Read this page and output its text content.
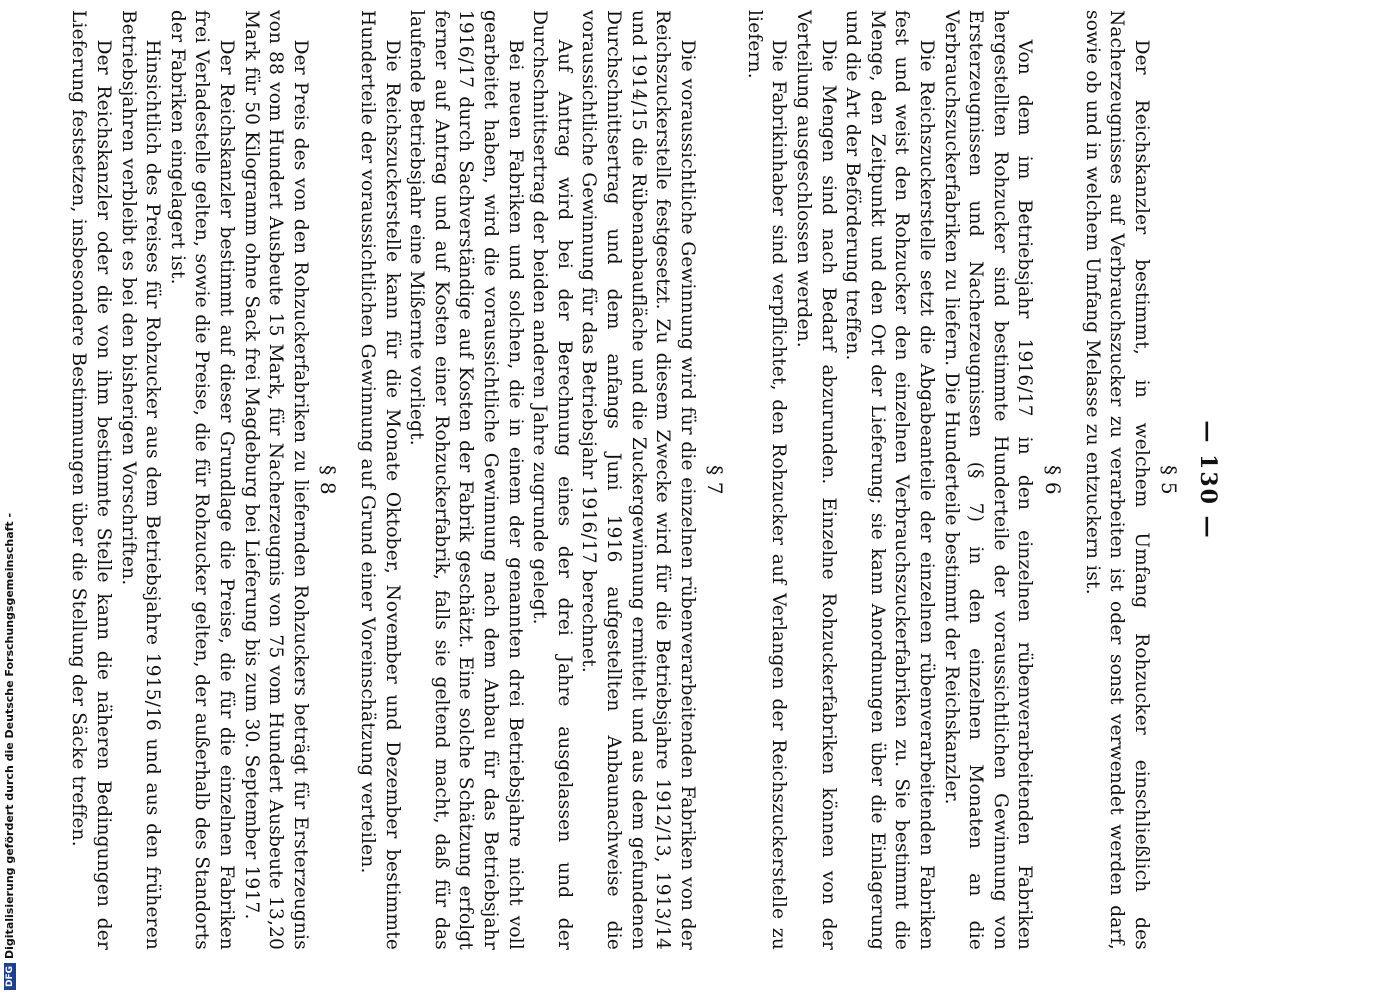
— 130 —
§ 5

Der Reichskanzler bestimmt, in welchem Umfang Rohzucker einschließlich des Nacherzeugnisses auf Verbrauchszucker zu verarbeiten ist oder sonst verwendet werden darf, sowie ob und in welchem Umfang Melasse zu entzuckern ist.

§ 6

Von dem im Betriebsjahr 1916/17 in den einzelnen rübenverarbeitenden Fabriken hergestellten Rohzucker sind bestimmte Hunderteile der voraussichtlichen Gewinnung von Ersterzeugnissen und Nacherzeugnissen (§ 7) in den einzelnen Monaten an die Verbrauchszuckerfabriken zu liefern. Die Hunderteile bestimmt der Reichskanzler.

Die Reichszuckerstelle setzt die Abgabeanteile der einzelnen rübenverarbeitenden Fabriken fest und weist den Rohzucker den einzelnen Verbrauchszuckerfabriken zu. Sie bestimmt die Menge, den Zeitpunkt und den Ort der Lieferung; sie kann Anordnungen über die Einlagerung und die Art der Beförderung treffen.

Die Mengen sind nach Bedarf abzurunden. Einzelne Rohzuckerfabriken können von der Verteilung ausgeschlossen werden.

Die Fabrikinhaber sind verpflichtet, den Rohzucker auf Verlangen der Reichszuckerstelle zu liefern.

§ 7

Die voraussichtliche Gewinnung wird für die einzelnen rübenverarbeitenden Fabriken von der Reichszuckerstelle festgesetzt. Zu diesem Zwecke wird für die Betriebsjahre 1912/13, 1913/14 und 1914/15 die Rübenanbaufläche und die Zuckergewinnung ermittelt und aus dem gefundenen Durchschnittsertrag und dem anfangs Juni 1916 aufgestellten Anbaunachweise die voraussichtliche Gewinnung für das Betriebsjahr 1916/17 berechnet.

Auf Antrag wird bei der Berechnung eines der drei Jahre ausgelassen und der Durchschnittsertrag der beiden anderen Jahre zugrunde gelegt.

Bei neuen Fabriken und solchen, die in einem der genannten drei Betriebsjahre nicht voll gearbeitet haben, wird die voraussichtliche Gewinnung nach dem Anbau für das Betriebsjahr 1916/17 durch Sachverständige auf Kosten der Fabrik geschätzt. Eine solche Schätzung erfolgt ferner auf Antrag und auf Kosten einer Rohzuckerfabrik, falls sie geltend macht, daß für das laufende Betriebsjahr eine Mißernte vorliegt.

Die Reichszuckerstelle kann für die Monate Oktober, November und Dezember bestimmte Hunderteile der voraussichtlichen Gewinnung auf Grund einer Voreinschätzung verteilen.

§ 8

Der Preis des von den Rohzuckerfabriken zu liefernden Rohzuckers beträgt für Ersterzeugnis von 88 vom Hundert Ausbeute 15 Mark, für Nacherzeugnis von 75 vom Hundert Ausbeute 13,20 Mark für 50 Kilogramm ohne Sack frei Magdeburg bei Lieferung bis zum 30. September 1917.

Der Reichskanzler bestimmt auf dieser Grundlage die Preise, die für die einzelnen Fabriken frei Verladestelle gelten, sowie die Preise, die für Rohzucker gelten, der außerhalb des Standorts der Fabriken eingelagert ist.

Hinsichtlich des Preises für Rohzucker aus dem Betriebsjahre 1915/16 und aus den früheren Betriebsjahren verbleibt es bei den bisherigen Vorschriften.

Der Reichskanzler oder die von ihm bestimmte Stelle kann die näheren Bedingungen der Lieferung festsetzen, insbesondere Bestimmungen über die Stellung der Säcke treffen.

DFGDigitalisierung gefördert durch die Deutsche Forschungsgemeinschaft -
